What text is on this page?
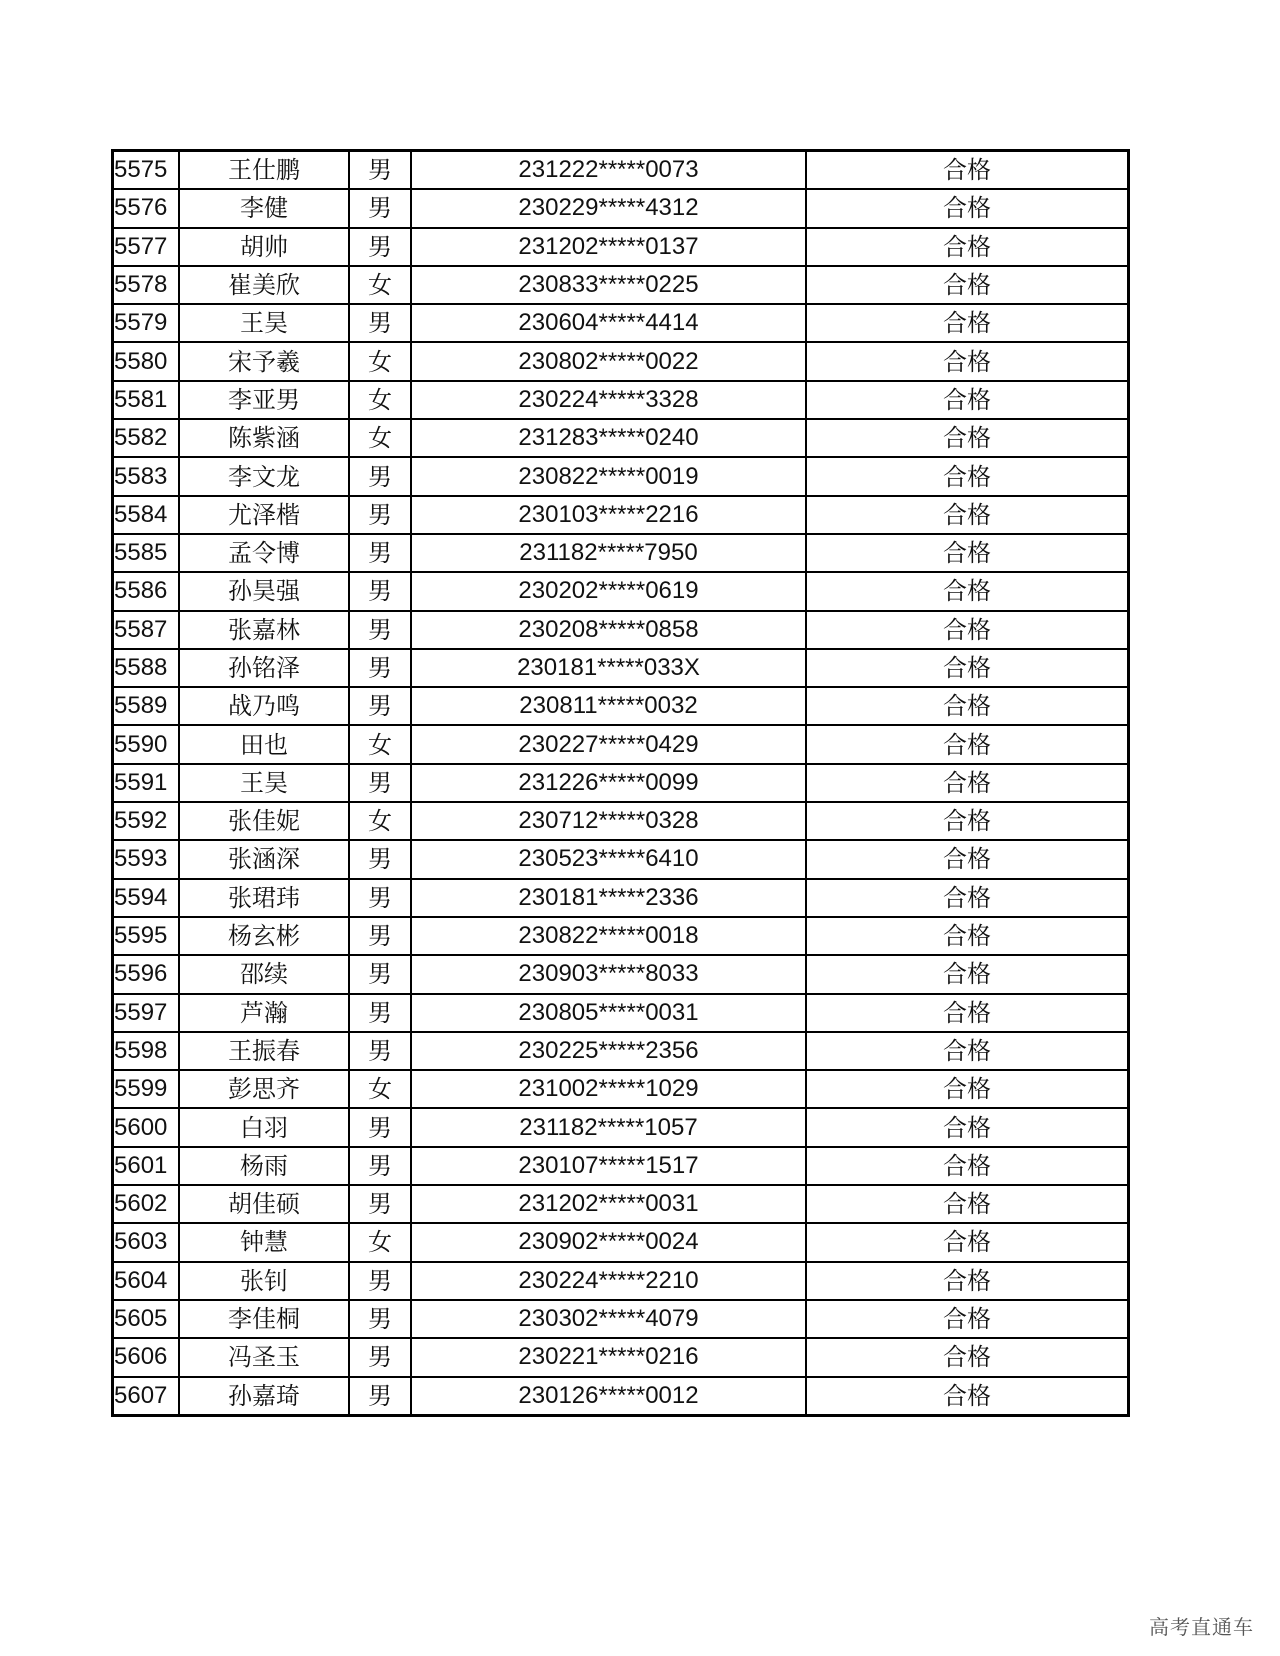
5575	王仕鹏	男	231222*****0073	合格
5576	李健	男	230229*****4312	合格
5577	胡帅	男	231202*****0137	合格
5578	崔美欣	女	230833*****0225	合格
5579	王昊	男	230604*****4414	合格
5580	宋予羲	女	230802*****0022	合格
5581	李亚男	女	230224*****3328	合格
5582	陈紫涵	女	231283*****0240	合格
5583	李文龙	男	230822*****0019	合格
5584	尤泽楷	男	230103*****2216	合格
5585	孟令博	男	231182*****7950	合格
5586	孙昊强	男	230202*****0619	合格
5587	张嘉林	男	230208*****0858	合格
5588	孙铭泽	男	230181*****033X	合格
5589	战乃鸣	男	230811*****0032	合格
5590	田也	女	230227*****0429	合格
5591	王昊	男	231226*****0099	合格
5592	张佳妮	女	230712*****0328	合格
5593	张涵深	男	230523*****6410	合格
5594	张珺玮	男	230181*****2336	合格
5595	杨玄彬	男	230822*****0018	合格
5596	邵续	男	230903*****8033	合格
5597	芦瀚	男	230805*****0031	合格
5598	王振春	男	230225*****2356	合格
5599	彭思齐	女	231002*****1029	合格
5600	白羽	男	231182*****1057	合格
5601	杨雨	男	230107*****1517	合格
5602	胡佳硕	男	231202*****0031	合格
5603	钟慧	女	230902*****0024	合格
5604	张钊	男	230224*****2210	合格
5605	李佳桐	男	230302*****4079	合格
5606	冯圣玉	男	230221*****0216	合格
5607	孙嘉琦	男	230126*****0012	合格
高考直通车
